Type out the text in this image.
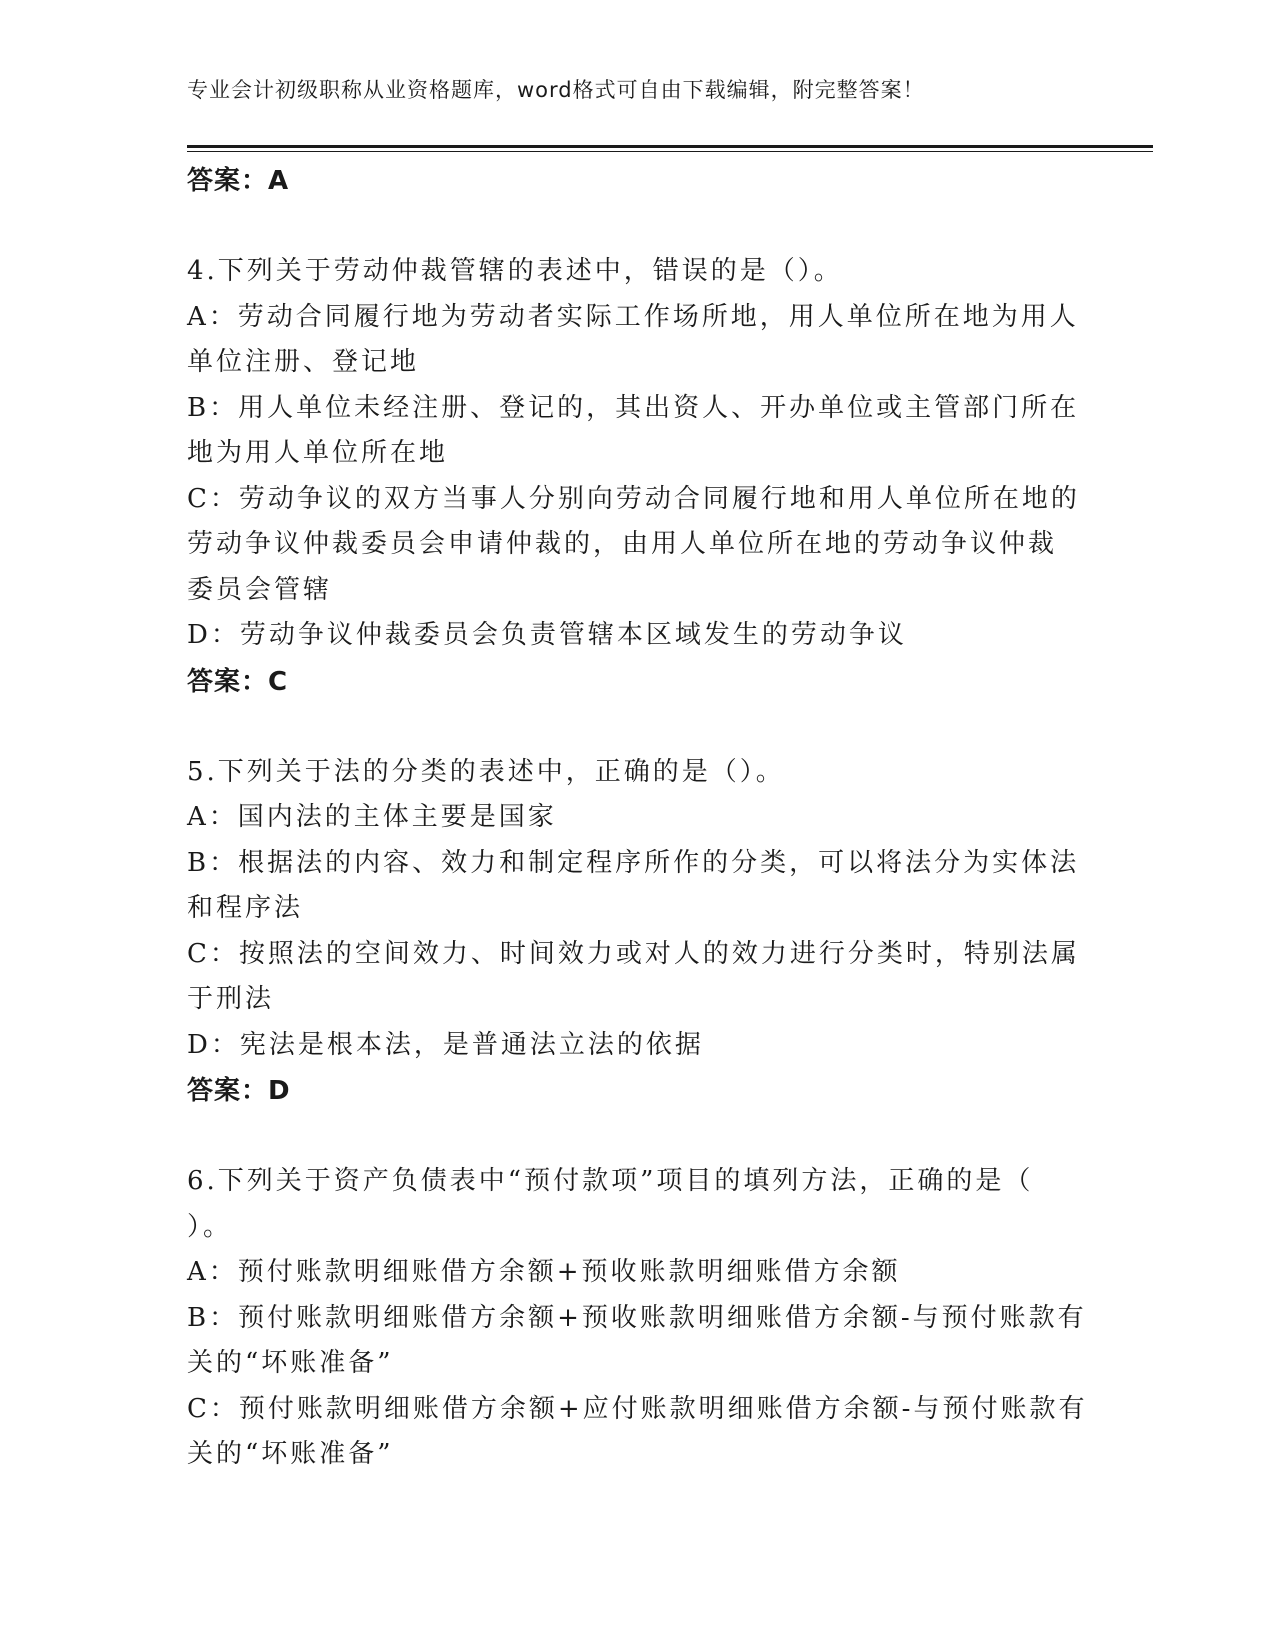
专业会计初级职称从业资格题库，word格式可自由下载编辑，附完整答案！
答案：A
4.下列关于劳动仲裁管辖的表述中，错误的是（）。
A：劳动合同履行地为劳动者实际工作场所地，用人单位所在地为用人
单位注册、登记地
B：用人单位未经注册、登记的，其出资人、开办单位或主管部门所在
地为用人单位所在地
C：劳动争议的双方当事人分别向劳动合同履行地和用人单位所在地的
劳动争议仲裁委员会申请仲裁的，由用人单位所在地的劳动争议仲裁
委员会管辖
D：劳动争议仲裁委员会负责管辖本区域发生的劳动争议
答案：C
5.下列关于法的分类的表述中，正确的是（）。
A：国内法的主体主要是国家
B：根据法的内容、效力和制定程序所作的分类，可以将法分为实体法
和程序法
C：按照法的空间效力、时间效力或对人的效力进行分类时，特别法属
于刑法
D：宪法是根本法，是普通法立法的依据
答案：D
6.下列关于资产负债表中“预付款项”项目的填列方法，正确的是（
）。
A：预付账款明细账借方余额+预收账款明细账借方余额
B：预付账款明细账借方余额+预收账款明细账借方余额-与预付账款有
关的“坏账准备”
C：预付账款明细账借方余额+应付账款明细账借方余额-与预付账款有
关的“坏账准备”
